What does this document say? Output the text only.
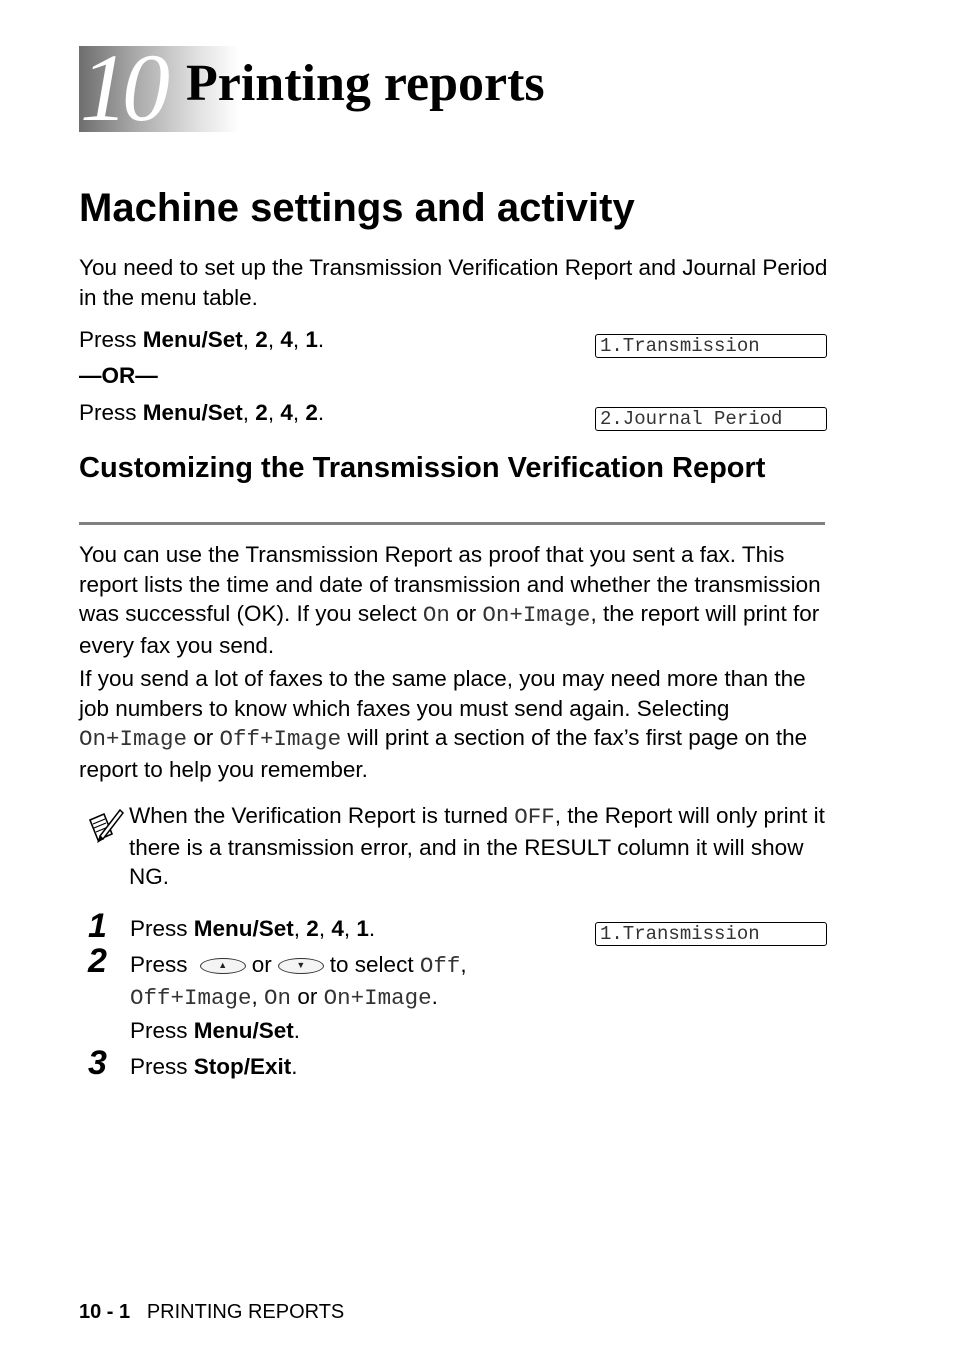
10 Printing reports
Machine settings and activity
You need to set up the Transmission Verification Report and Journal Period in the menu table.
Press Menu/Set, 2, 4, 1.	1.Transmission
—OR—
Press Menu/Set, 2, 4, 2.	2.Journal Period
Customizing the Transmission Verification Report
You can use the Transmission Report as proof that you sent a fax. This report lists the time and date of transmission and whether the transmission was successful (OK). If you select On or On+Image, the report will print for every fax you send.
If you send a lot of faxes to the same place, you may need more than the job numbers to know which faxes you must send again. Selecting On+Image or Off+Image will print a section of the fax’s first page on the report to help you remember.
When the Verification Report is turned OFF, the Report will only print it there is a transmission error, and in the RESULT column it will show NG.
1 Press Menu/Set, 2, 4, 1.	1.Transmission
2 Press	▲	or	▼	to select Off,
Off+Image, On or On+Image.
Press Menu/Set.
3 Press Stop/Exit.
10 - 1 PRINTING REPORTS
